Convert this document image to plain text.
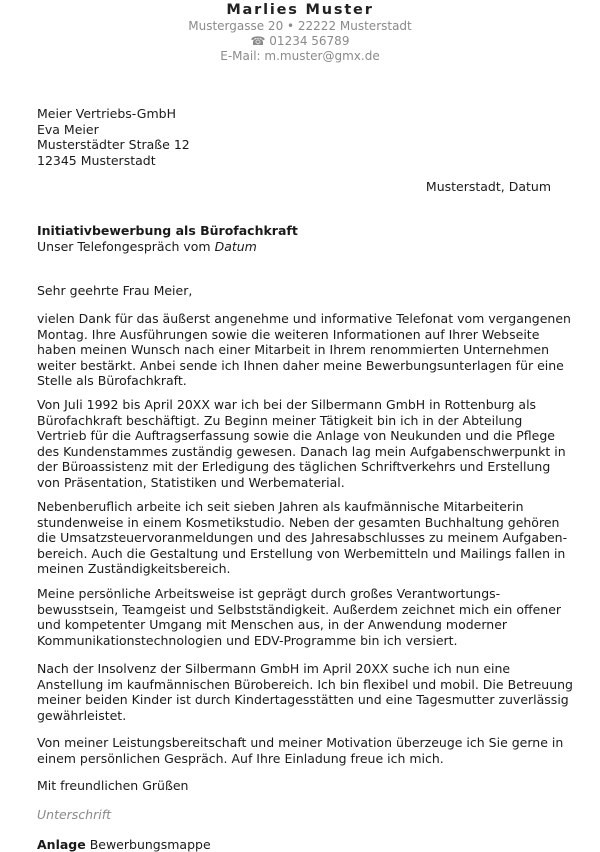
Marlies Muster
Mustergasse 20 • 22222 Musterstadt
☎ 01234 56789
E-Mail: m.muster@gmx.de
Meier Vertriebs-GmbH
Eva Meier
Musterstädter Straße 12
12345 Musterstadt
Musterstadt, Datum
Initiativbewerbung als Bürofachkraft
Unser Telefongespräch vom Datum
Sehr geehrte Frau Meier,
vielen Dank für das äußerst angenehme und informative Telefonat vom vergangenen
Montag. Ihre Ausführungen sowie die weiteren Informationen auf Ihrer Webseite
haben meinen Wunsch nach einer Mitarbeit in Ihrem renommierten Unternehmen
weiter bestärkt. Anbei sende ich Ihnen daher meine Bewerbungsunterlagen für eine
Stelle als Bürofachkraft.
Von Juli 1992 bis April 20XX war ich bei der Silbermann GmbH in Rottenburg als
Bürofachkraft beschäftigt. Zu Beginn meiner Tätigkeit bin ich in der Abteilung
Vertrieb für die Auftragserfassung sowie die Anlage von Neukunden und die Pflege
des Kundenstammes zuständig gewesen. Danach lag mein Aufgabenschwerpunkt in
der Büroassistenz mit der Erledigung des täglichen Schriftverkehrs und Erstellung
von Präsentation, Statistiken und Werbematerial.
Nebenberuflich arbeite ich seit sieben Jahren als kaufmännische Mitarbeiterin
stundenweise in einem Kosmetikstudio. Neben der gesamten Buchhaltung gehören
die Umsatzsteuervoranmeldungen und des Jahresabschlusses zu meinem Aufgaben-
bereich. Auch die Gestaltung und Erstellung von Werbemitteln und Mailings fallen in
meinen Zuständigkeitsbereich.
Meine persönliche Arbeitsweise ist geprägt durch großes Verantwortungs-
bewusstsein, Teamgeist und Selbstständigkeit. Außerdem zeichnet mich ein offener
und kompetenter Umgang mit Menschen aus, in der Anwendung moderner
Kommunikationstechnologien und EDV-Programme bin ich versiert.
Nach der Insolvenz der Silbermann GmbH im April 20XX suche ich nun eine
Anstellung im kaufmännischen Bürobereich. Ich bin flexibel und mobil. Die Betreuung
meiner beiden Kinder ist durch Kindertagesstätten und eine Tagesmutter zuverlässig
gewährleistet.
Von meiner Leistungsbereitschaft und meiner Motivation überzeuge ich Sie gerne in
einem persönlichen Gespräch. Auf Ihre Einladung freue ich mich.
Mit freundlichen Grüßen
Unterschrift
Anlage Bewerbungsmappe
